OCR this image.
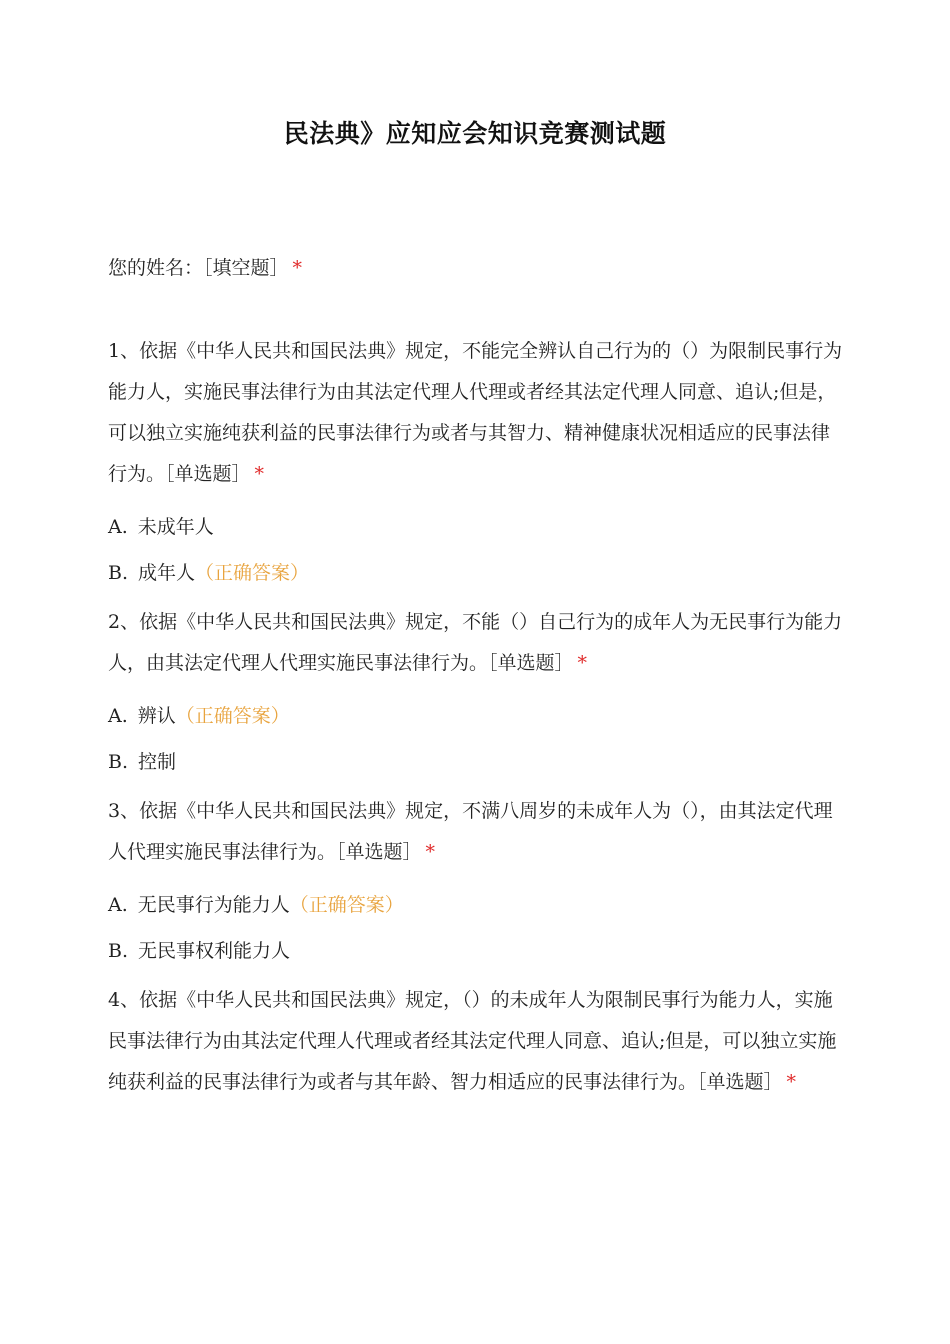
民法典》应知应会知识竞赛测试题

您的姓名：［填空题］ *

1、依据《中华人民共和国民法典》规定，不能完全辨认自己行为的（）为限制民事行为能力人，实施民事法律行为由其法定代理人代理或者经其法定代理人同意、追认;但是，可以独立实施纯获利益的民事法律行为或者与其智力、精神健康状况相适应的民事法律行为。［单选题］ *

A. 未成年人

B. 成年人（正确答案）

2、依据《中华人民共和国民法典》规定，不能（）自己行为的成年人为无民事行为能力人，由其法定代理人代理实施民事法律行为。［单选题］ *

A. 辨认（正确答案）

B. 控制

3、依据《中华人民共和国民法典》规定，不满八周岁的未成年人为（），由其法定代理人代理实施民事法律行为。［单选题］ *

A. 无民事行为能力人（正确答案）

B. 无民事权利能力人

4、依据《中华人民共和国民法典》规定，（）的未成年人为限制民事行为能力人，实施民事法律行为由其法定代理人代理或者经其法定代理人同意、追认;但是，可以独立实施纯获利益的民事法律行为或者与其年龄、智力相适应的民事法律行为。［单选题］ *
